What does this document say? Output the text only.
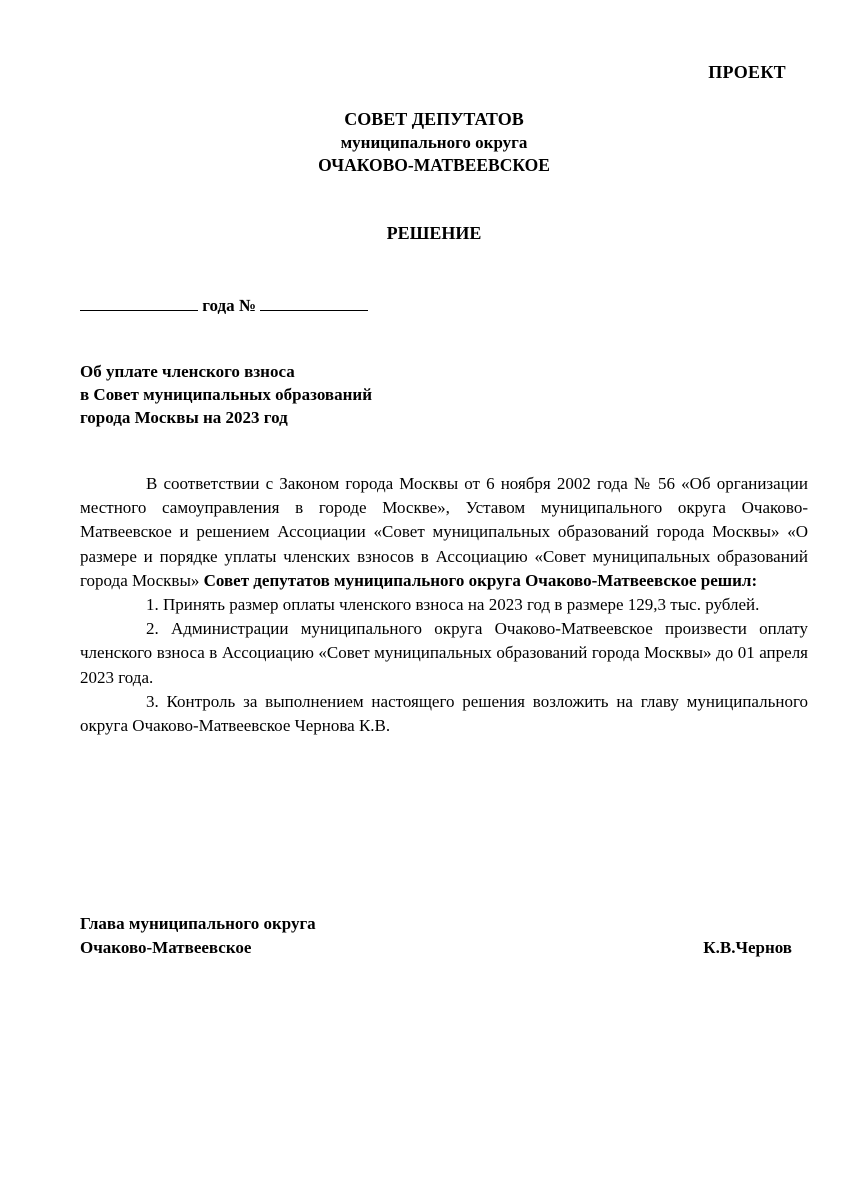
ПРОЕКТ
СОВЕТ ДЕПУТАТОВ
муниципального округа
ОЧАКОВО-МАТВЕЕВСКОЕ
РЕШЕНИЕ
года №
Об уплате членского взноса
в Совет муниципальных образований
города Москвы на 2023 год

В соответствии с Законом города Москвы от 6 ноября 2002 года № 56 «Об организации местного самоуправления в городе Москве», Уставом муниципального округа Очаково-Матвеевское и решением Ассоциации «Совет муниципальных образований города Москвы» «О размере и порядке уплаты членских взносов в Ассоциацию «Совет муниципальных образований города Москвы» Совет депутатов муниципального округа Очаково-Матвеевское решил:

1. Принять размер оплаты членского взноса на 2023 год в размере 129,3 тыс. рублей.

2. Администрации муниципального округа Очаково-Матвеевское произвести оплату членского взноса в Ассоциацию «Совет муниципальных образований города Москвы» до 01 апреля 2023 года.

3. Контроль за выполнением настоящего решения возложить на главу муниципального округа Очаково-Матвеевское Чернова К.В.

Глава муниципального округа
Очаково-Матвеевское	К.В.Чернов
